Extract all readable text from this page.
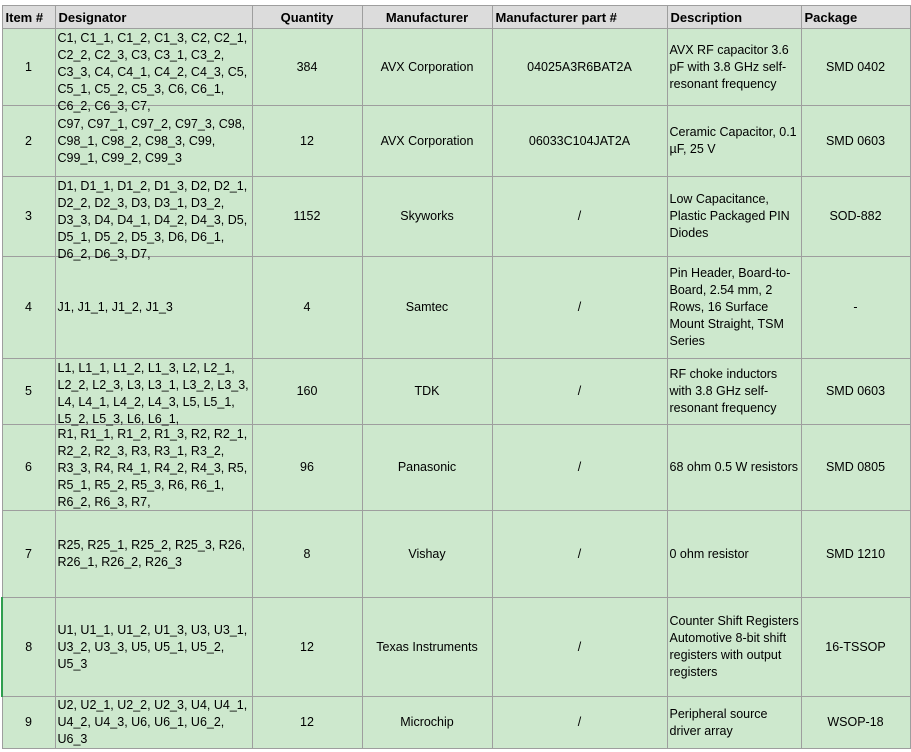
Item #	Designator	Quantity	Manufacturer	Manufacturer part #	Description	Package
1	C1, C1_1, C1_2, C1_3, C2, C2_1, C2_2, C2_3, C3, C3_1, C3_2, C3_3, C4, C4_1, C4_2, C4_3, C5, C5_1, C5_2, C5_3, C6, C6_1, C6_2, C6_3, C7,	384	AVX Corporation	04025A3R6BAT2A	AVX RF capacitor 3.6 pF with 3.8 GHz self-resonant frequency	SMD 0402
2	C97, C97_1, C97_2, C97_3, C98, C98_1, C98_2, C98_3, C99, C99_1, C99_2, C99_3	12	AVX Corporation	06033C104JAT2A	Ceramic Capacitor, 0.1 µF, 25 V	SMD 0603
3	D1, D1_1, D1_2, D1_3, D2, D2_1, D2_2, D2_3, D3, D3_1, D3_2, D3_3, D4, D4_1, D4_2, D4_3, D5, D5_1, D5_2, D5_3, D6, D6_1, D6_2, D6_3, D7,	1152	Skyworks	/	Low Capacitance, Plastic Packaged PIN Diodes	SOD-882
4	J1, J1_1, J1_2, J1_3	4	Samtec	/	Pin Header, Board-to-Board, 2.54 mm, 2 Rows, 16 Surface Mount Straight, TSM Series	-
5	L1, L1_1, L1_2, L1_3, L2, L2_1, L2_2, L2_3, L3, L3_1, L3_2, L3_3, L4, L4_1, L4_2, L4_3, L5, L5_1, L5_2, L5_3, L6, L6_1,	160	TDK	/	RF choke inductors with 3.8 GHz self-resonant frequency	SMD 0603
6	R1, R1_1, R1_2, R1_3, R2, R2_1, R2_2, R2_3, R3, R3_1, R3_2, R3_3, R4, R4_1, R4_2, R4_3, R5, R5_1, R5_2, R5_3, R6, R6_1, R6_2, R6_3, R7,	96	Panasonic	/	68 ohm 0.5 W resistors	SMD 0805
7	R25, R25_1, R25_2, R25_3, R26, R26_1, R26_2, R26_3	8	Vishay	/	0 ohm resistor	SMD 1210
8	U1, U1_1, U1_2, U1_3, U3, U3_1, U3_2, U3_3, U5, U5_1, U5_2, U5_3	12	Texas Instruments	/	Counter Shift Registers Automotive 8-bit shift registers with output registers	16-TSSOP
9	U2, U2_1, U2_2, U2_3, U4, U4_1, U4_2, U4_3, U6, U6_1, U6_2, U6_3	12	Microchip	/	Peripheral source driver array	WSOP-18
